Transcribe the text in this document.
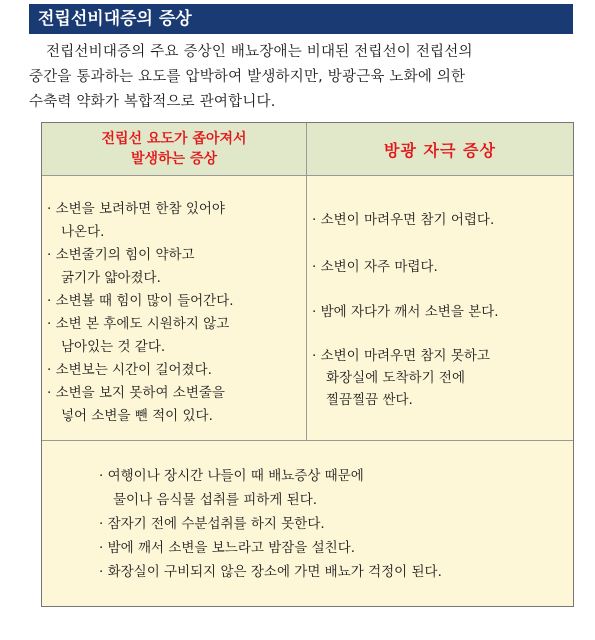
전립선비대증의 증상
전립선비대증의 주요 증상인 배뇨장애는 비대된 전립선이 전립선의
중간을 통과하는 요도를 압박하여 발생하지만, 방광근육 노화에 의한
수축력 약화가 복합적으로 관여합니다.
전립선 요도가 좁아져서
발생하는 증상	방광 자극 증상
· 소변을 보려하면 한참 있어야
나온다.
· 소변줄기의 힘이 약하고
굵기가 얇아졌다.
· 소변볼 때 힘이 많이 들어간다.
· 소변 본 후에도 시원하지 않고
남아있는 것 같다.
· 소변보는 시간이 길어졌다.
· 소변을 보지 못하여 소변줄을
넣어 소변을 뺀 적이 있다.
· 소변이 마려우면 참기 어렵다.
· 소변이 자주 마렵다.
· 밤에 자다가 깨서 소변을 본다.
· 소변이 마려우면 참지 못하고
화장실에 도착하기 전에
찔끔찔끔 싼다.
· 여행이나 장시간 나들이 때 배뇨증상 때문에
물이나 음식물 섭취를 피하게 된다.
· 잠자기 전에 수분섭취를 하지 못한다.
· 밤에 깨서 소변을 보느라고 밤잠을 설친다.
· 화장실이 구비되지 않은 장소에 가면 배뇨가 걱정이 된다.
